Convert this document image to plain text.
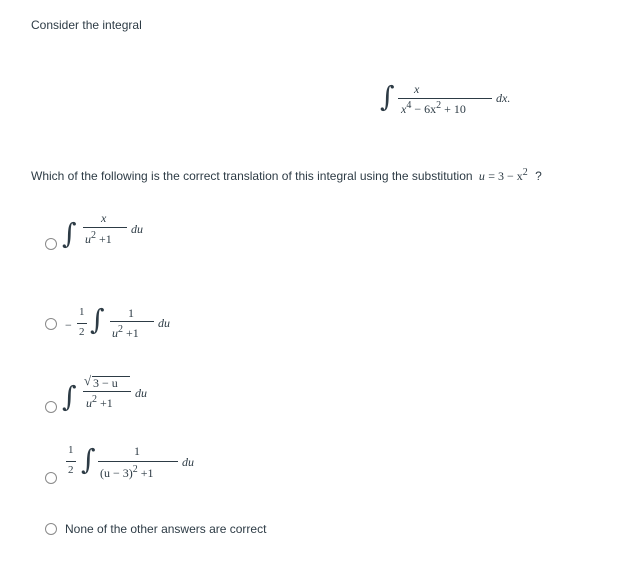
Consider the integral
∫ x
$x^4 - 6x^2 + 10$
dx.
Which of the following is the correct translation of this integral using the substitution $u = 3 - x^2$ ?
∫ x
$u^2 +1$
du
−
1
2 ∫ 1
$u^2 +1$
du
∫ √ 3 − u
$u^2 +1$
du
1
2 ∫	1
$(u - 3)^2 +1$
du
None of the other answers are correct
